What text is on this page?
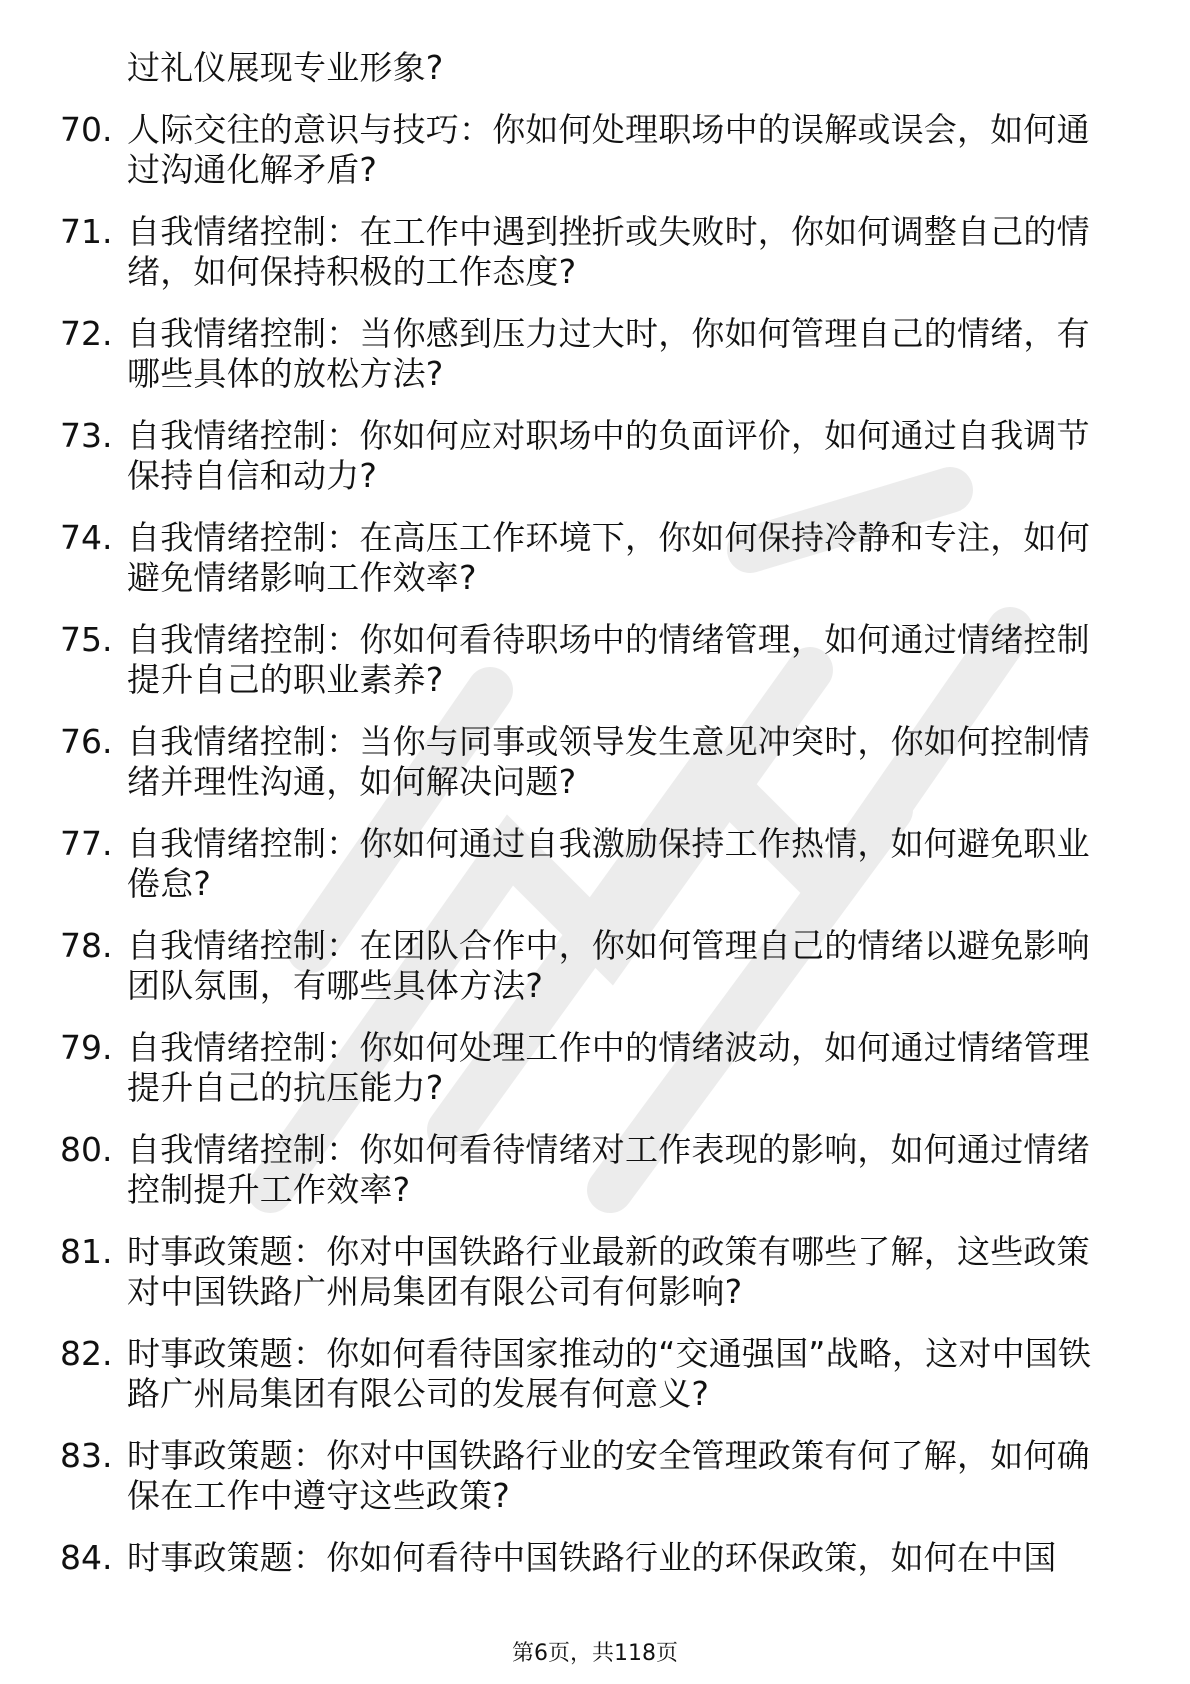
过礼仪展现专业形象?
70. 人际交往的意识与技巧：你如何处理职场中的误解或误会，如何通过沟通化解矛盾?
71. 自我情绪控制：在工作中遇到挫折或失败时，你如何调整自己的情绪，如何保持积极的工作态度?
72. 自我情绪控制：当你感到压力过大时，你如何管理自己的情绪，有哪些具体的放松方法?
73. 自我情绪控制：你如何应对职场中的负面评价，如何通过自我调节保持自信和动力?
74. 自我情绪控制：在高压工作环境下，你如何保持冷静和专注，如何避免情绪影响工作效率?
75. 自我情绪控制：你如何看待职场中的情绪管理，如何通过情绪控制提升自己的职业素养?
76. 自我情绪控制：当你与同事或领导发生意见冲突时，你如何控制情绪并理性沟通，如何解决问题?
77. 自我情绪控制：你如何通过自我激励保持工作热情，如何避免职业倦怠?
78. 自我情绪控制：在团队合作中，你如何管理自己的情绪以避免影响团队氛围，有哪些具体方法?
79. 自我情绪控制：你如何处理工作中的情绪波动，如何通过情绪管理提升自己的抗压能力?
80. 自我情绪控制：你如何看待情绪对工作表现的影响，如何通过情绪控制提升工作效率?
81. 时事政策题：你对中国铁路行业最新的政策有哪些了解，这些政策对中国铁路广州局集团有限公司有何影响?
82. 时事政策题：你如何看待国家推动的“交通强国”战略，这对中国铁路广州局集团有限公司的发展有何意义?
83. 时事政策题：你对中国铁路行业的安全管理政策有何了解，如何确保在工作中遵守这些政策?
84. 时事政策题：你如何看待中国铁路行业的环保政策，如何在中国
第6页，共118页
